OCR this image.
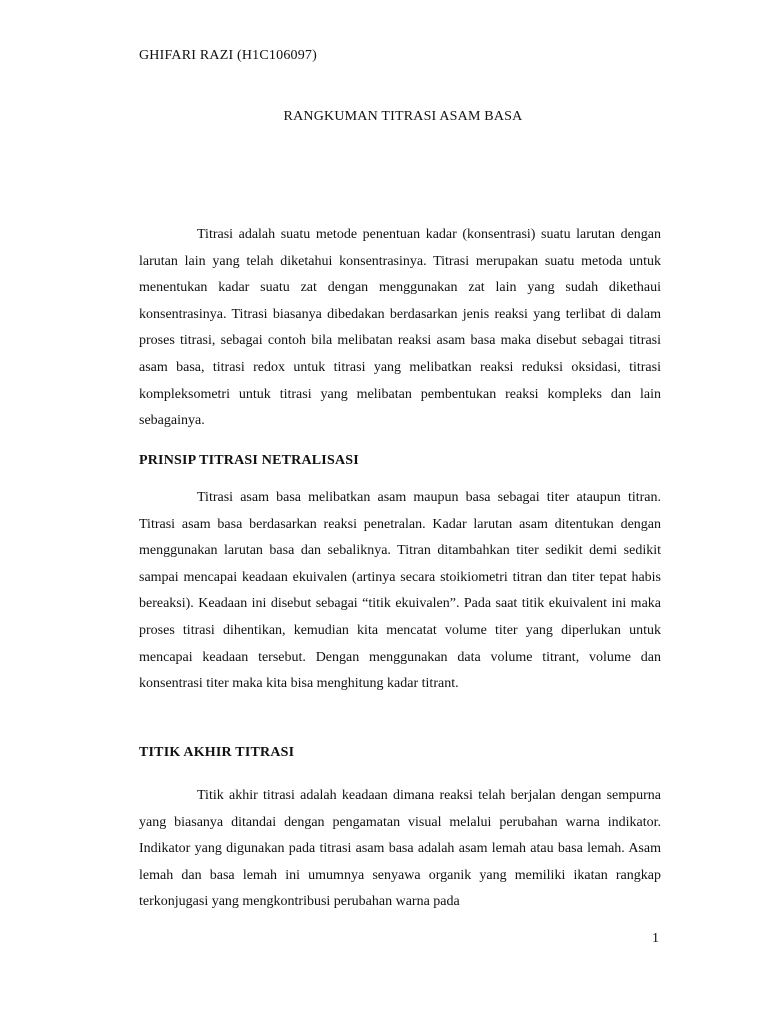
GHIFARI RAZI (H1C106097)

RANGKUMAN TITRASI ASAM BASA

Titrasi adalah suatu metode penentuan kadar (konsentrasi) suatu larutan dengan larutan lain yang telah diketahui konsentrasinya. Titrasi merupakan suatu metoda untuk menentukan kadar suatu zat dengan menggunakan zat lain yang sudah dikethaui konsentrasinya. Titrasi biasanya dibedakan berdasarkan jenis reaksi yang terlibat di dalam proses titrasi, sebagai contoh bila melibatan reaksi asam basa maka disebut sebagai titrasi asam basa, titrasi redox untuk titrasi yang melibatkan reaksi reduksi oksidasi, titrasi kompleksometri untuk titrasi yang melibatan pembentukan reaksi kompleks dan lain sebagainya.

PRINSIP TITRASI NETRALISASI

Titrasi asam basa melibatkan asam maupun basa sebagai titer ataupun titran. Titrasi asam basa berdasarkan reaksi penetralan. Kadar larutan asam ditentukan dengan menggunakan larutan basa dan sebaliknya. Titran ditambahkan titer sedikit demi sedikit sampai mencapai keadaan ekuivalen (artinya secara stoikiometri titran dan titer tepat habis bereaksi). Keadaan ini disebut sebagai “titik ekuivalen”. Pada saat titik ekuivalent ini maka proses titrasi dihentikan, kemudian kita mencatat volume titer yang diperlukan untuk mencapai keadaan tersebut. Dengan menggunakan data volume titrant, volume dan konsentrasi titer maka kita bisa menghitung kadar titrant.

TITIK AKHIR TITRASI

Titik akhir titrasi adalah keadaan dimana reaksi telah berjalan dengan sempurna yang biasanya ditandai dengan pengamatan visual melalui perubahan warna indikator. Indikator yang digunakan pada titrasi asam basa adalah asam lemah atau basa lemah. Asam lemah dan basa lemah ini umumnya senyawa organik yang memiliki ikatan rangkap terkonjugasi yang mengkontribusi perubahan warna pada

1
